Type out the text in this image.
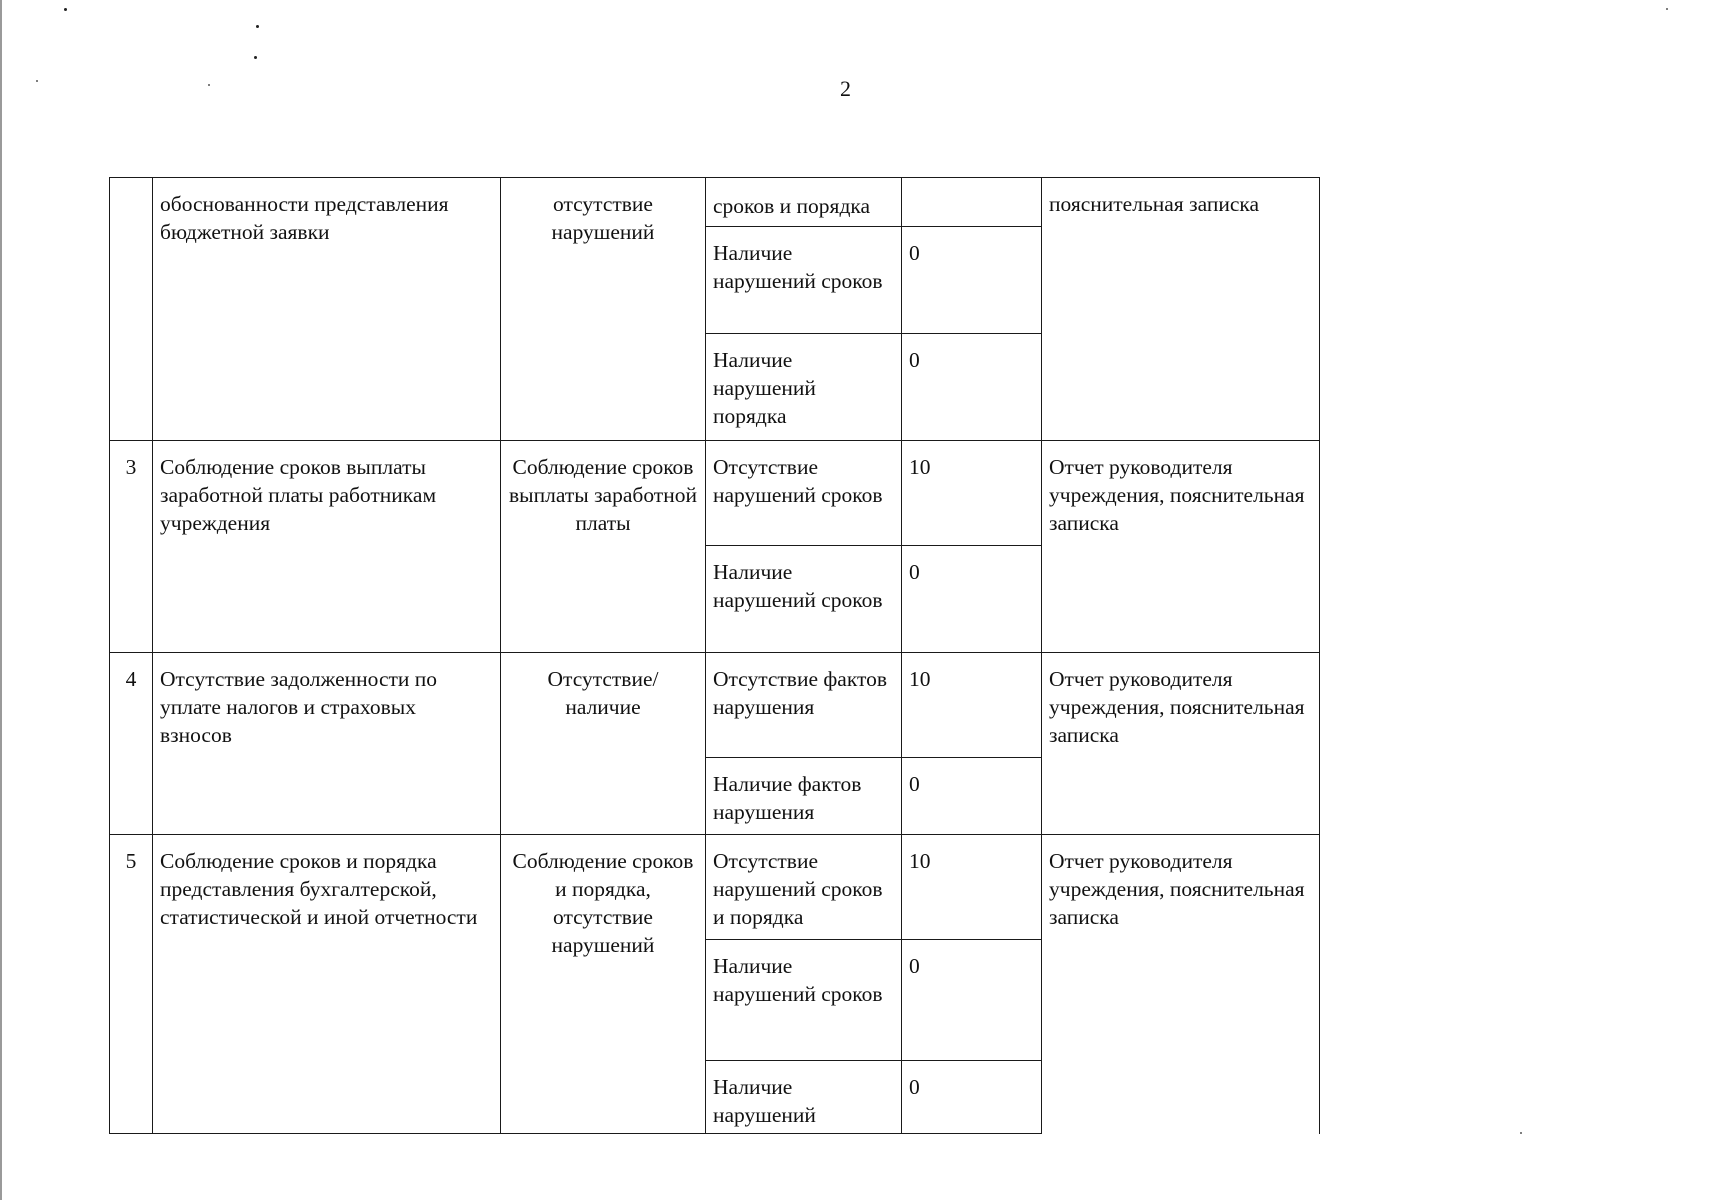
2
	обоснованности представления бюджетной заявки	отсутствие нарушений	сроков и порядка		пояснительная записка
			Наличие нарушений сроков	0	
			Наличие нарушений порядка	0	
3	Соблюдение сроков выплаты заработной платы работникам учреждения	Соблюдение сроков выплаты заработной платы	Отсутствие нарушений сроков	10	Отчет руководителя учреждения, пояснительная записка
			Наличие нарушений сроков	0	
4	Отсутствие задолженности по уплате налогов и страховых взносов	Отсутствие/ наличие	Отсутствие фактов нарушения	10	Отчет руководителя учреждения, пояснительная записка
			Наличие фактов нарушения	0	
5	Соблюдение сроков и порядка представления бухгалтерской, статистической и иной отчетности	Соблюдение сроков и порядка, отсутствие нарушений	Отсутствие нарушений сроков и порядка	10	Отчет руководителя учреждения, пояснительная записка
			Наличие нарушений сроков	0	

			Наличие нарушений	0	
